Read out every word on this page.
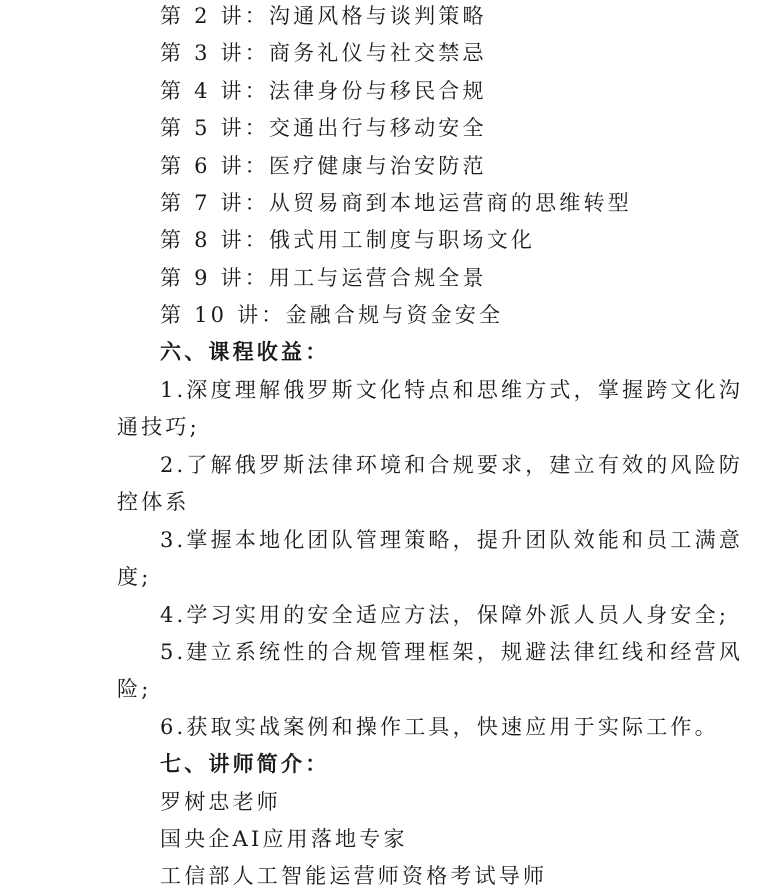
第 2 讲：沟通风格与谈判策略
第 3 讲：商务礼仪与社交禁忌
第 4 讲：法律身份与移民合规
第 5 讲：交通出行与移动安全
第 6 讲：医疗健康与治安防范
第 7 讲：从贸易商到本地运营商的思维转型
第 8 讲：俄式用工制度与职场文化
第 9 讲：用工与运营合规全景
第 10 讲：金融合规与资金安全
六、课程收益：
1.深度理解俄罗斯文化特点和思维方式，掌握跨文化沟
通技巧;
2.了解俄罗斯法律环境和合规要求，建立有效的风险防
控体系
3.掌握本地化团队管理策略，提升团队效能和员工满意
度;
4.学习实用的安全适应方法，保障外派人员人身安全;
5.建立系统性的合规管理框架，规避法律红线和经营风
险;
6.获取实战案例和操作工具，快速应用于实际工作。
七、讲师简介：
罗树忠老师
国央企AI应用落地专家
工信部人工智能运营师资格考试导师
